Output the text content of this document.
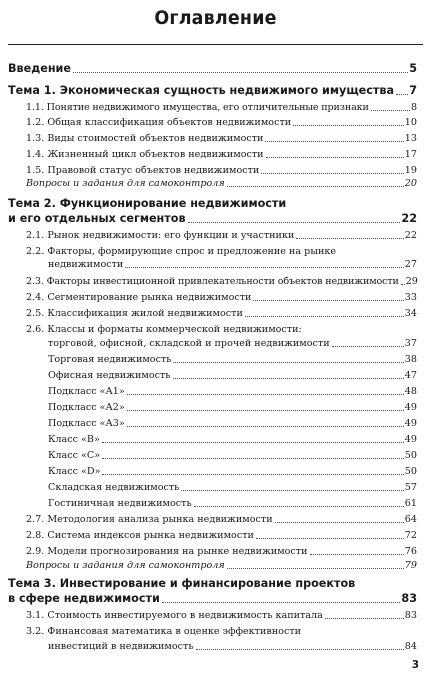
Оглавление
Введение	5
Тема 1. Экономическая сущность недвижимого имущества 7
1.1. Понятие недвижимого имущества, его отличительные признаки	8
1.2. Общая классификация объектов недвижимости	10
1.3. Виды стоимостей объектов недвижимости	13
1.4. Жизненный цикл объектов недвижимости	17
1.5. Правовой статус объектов недвижимости	19
Вопросы и задания для самоконтроля	20
Тема 2. Функционирование недвижимости
и его отдельных сегментов	22
2.1. Рынок недвижимости: его функции и участники	22
2.2. Факторы, формирующие спрос и предложение на рынке
недвижимости	27
2.3. Факторы инвестиционной привлекательности объектов недвижимости 29
2.4. Сегментирование рынка недвижимости	33
2.5. Классификация жилой недвижимости	34
2.6. Классы и форматы коммерческой недвижимости:
торговой, офисной, складской и прочей недвижимости	37
Торговая недвижимость	38
Офисная недвижимость	47
Подкласс «А1»	48
Подкласс «А2»	49
Подкласс «А3»	49
Класс «В»	49
Класс «С»	50
Класс «D»	50
Складская недвижимость	57
Гостиничная недвижимость	61
2.7. Методология анализа рынка недвижимости	64
2.8. Система индексов рынка недвижимости	72
2.9. Модели прогнозирования на рынке недвижимости	76
Вопросы и задания для самоконтроля	79
Тема 3. Инвестирование и финансирование проектов
в сфере недвижимости	83
3.1. Стоимость инвестируемого в недвижимость капитала	83
3.2. Финансовая математика в оценке эффективности
инвестиций в недвижимость	84
3
